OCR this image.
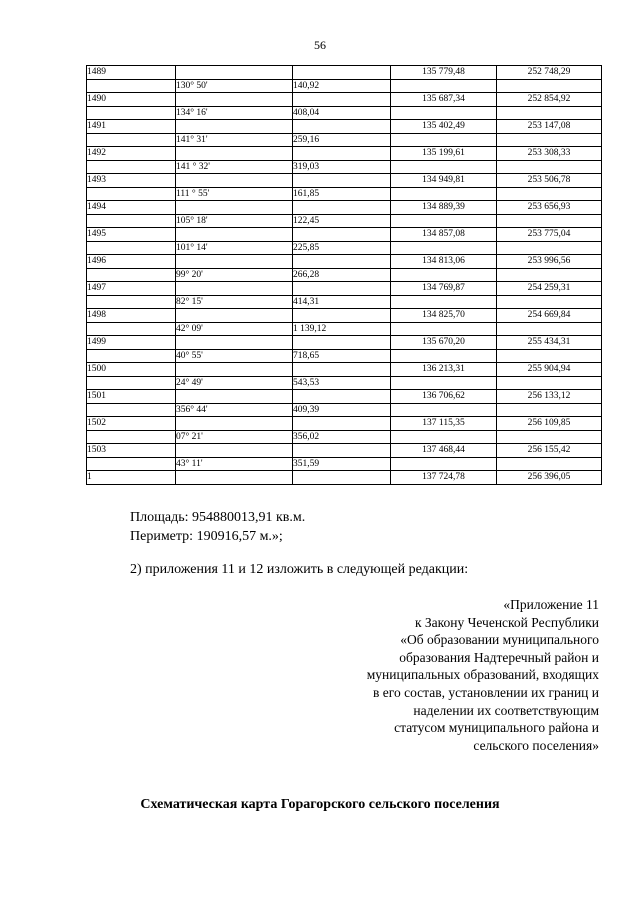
56
1489			135 779,48	252 748,29
	130° 50'	140,92		
1490			135 687,34	252 854,92
	134° 16'	408,04		
1491			135 402,49	253 147,08
	141° 31'	259,16		
1492			135 199,61	253 308,33
	141 ° 32'	319,03		
1493			134 949,81	253 506,78
	111 ° 55'	161,85		
1494			134 889,39	253 656,93
	105° 18'	122,45		
1495			134 857,08	253 775,04
	101° 14'	225,85		
1496			134 813,06	253 996,56
	99° 20'	266,28		
1497			134 769,87	254 259,31
	82° 15'	414,31		
1498			134 825,70	254 669,84
	42° 09'	1 139,12		
1499			135 670,20	255 434,31
	40° 55'	718,65		
1500			136 213,31	255 904,94
	24° 49'	543,53		
1501			136 706,62	256 133,12
	356° 44'	409,39		
1502			137 115,35	256 109,85
	07° 21'	356,02		
1503			137 468,44	256 155,42
	43° 11'	351,59		
1			137 724,78	256 396,05
Площадь: 954880013,91 кв.м.
Периметр: 190916,57 м.»;
2) приложения 11 и 12 изложить в следующей редакции:
«Приложение 11
к Закону Чеченской Республики
«Об образовании муниципального
образования Надтеречный район и
муниципальных образований, входящих
в его состав, установлении их границ и
наделении их соответствующим
статусом муниципального района и
сельского поселения»
Схематическая карта Горагорского сельского поселения
